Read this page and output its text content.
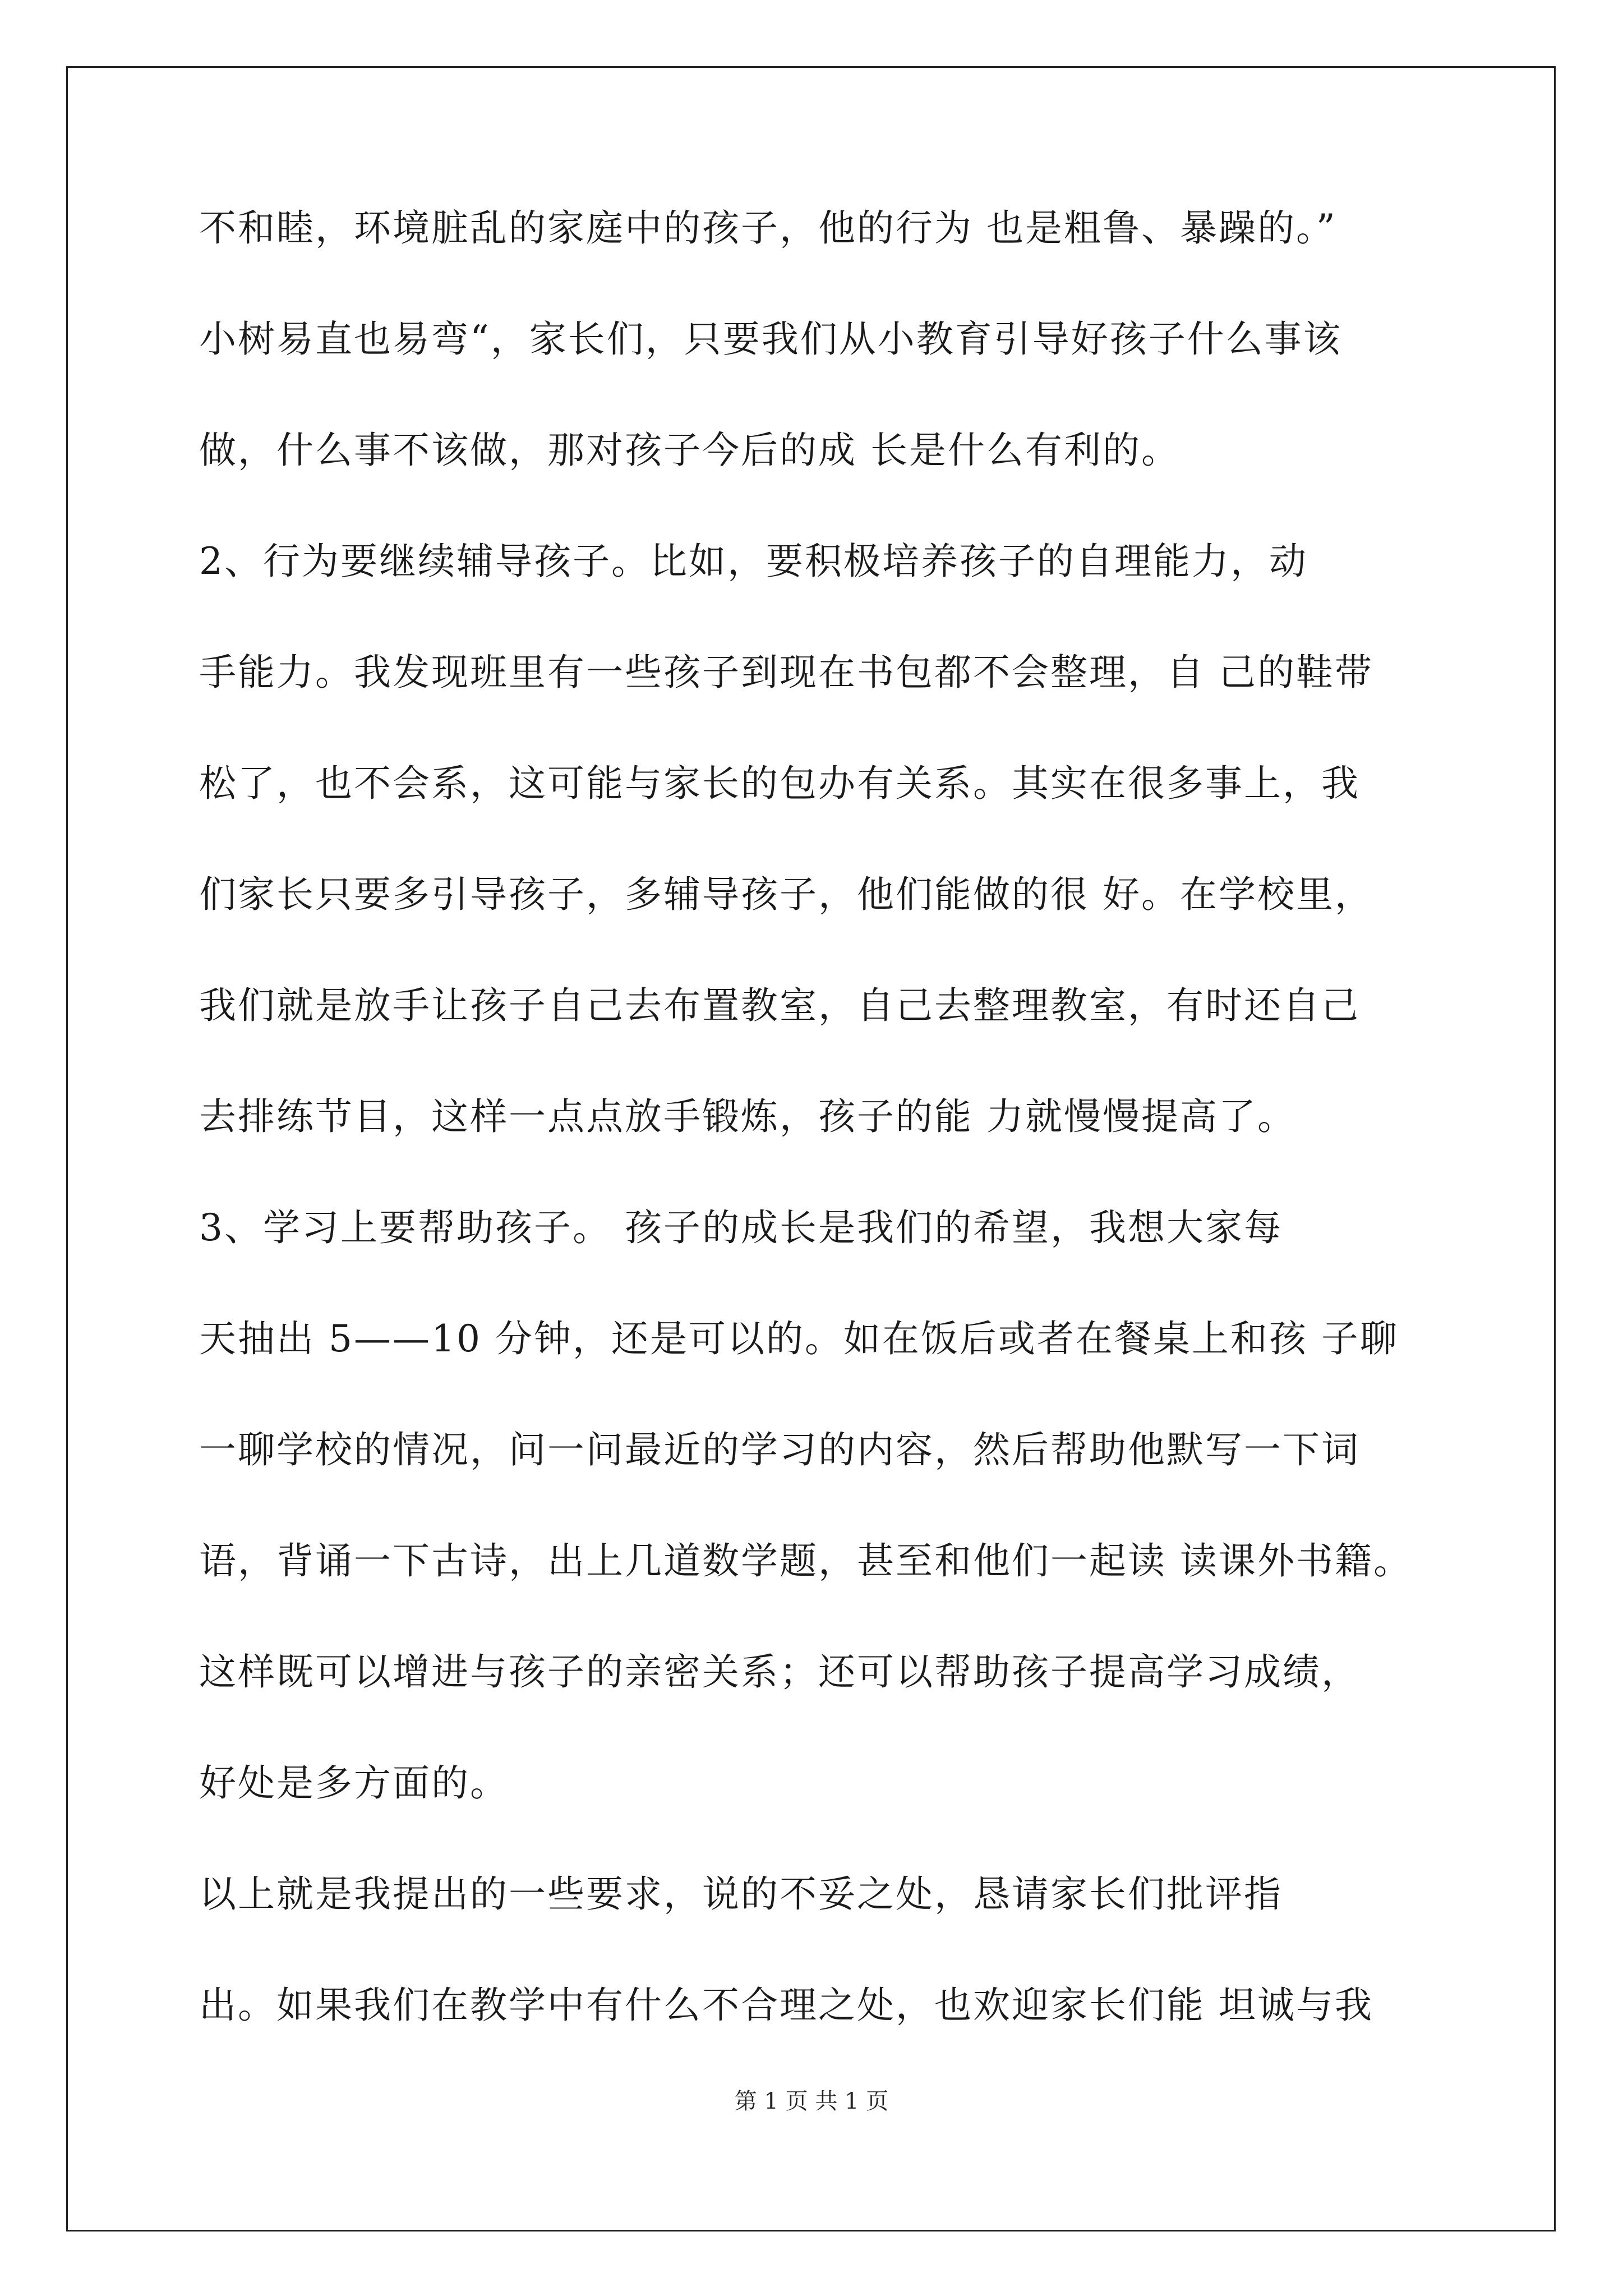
不和睦，环境脏乱的家庭中的孩子，他的行为 也是粗鲁、暴躁的。”
小树易直也易弯“，家长们，只要我们从小教育引导好孩子什么事该
做，什么事不该做，那对孩子今后的成 长是什么有利的。
2、行为要继续辅导孩子。比如，要积极培养孩子的自理能力，动
手能力。我发现班里有一些孩子到现在书包都不会整理，自 己的鞋带
松了，也不会系，这可能与家长的包办有关系。其实在很多事上，我
们家长只要多引导孩子，多辅导孩子，他们能做的很 好。在学校里，
我们就是放手让孩子自己去布置教室，自己去整理教室，有时还自己
去排练节目，这样一点点放手锻炼，孩子的能 力就慢慢提高了。
3、学习上要帮助孩子。 孩子的成长是我们的希望，我想大家每
天抽出 5——10 分钟，还是可以的。如在饭后或者在餐桌上和孩 子聊
一聊学校的情况，问一问最近的学习的内容，然后帮助他默写一下词
语，背诵一下古诗，出上几道数学题，甚至和他们一起读 读课外书籍。
这样既可以增进与孩子的亲密关系；还可以帮助孩子提高学习成绩，
好处是多方面的。
以上就是我提出的一些要求，说的不妥之处，恳请家长们批评指
出。如果我们在教学中有什么不合理之处，也欢迎家长们能 坦诚与我
第 1 页 共 1 页
